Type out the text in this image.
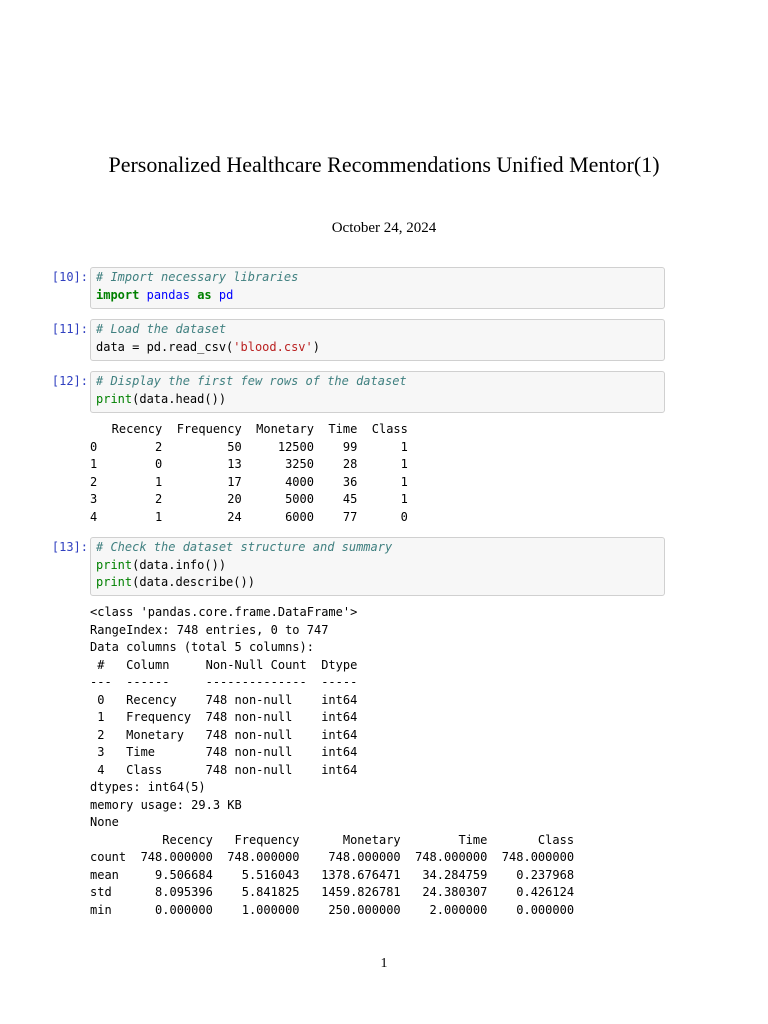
Personalized Healthcare Recommendations Unified Mentor(1)
October 24, 2024
[10]: # Import necessary libraries
import pandas as pd
[11]: # Load the dataset
data = pd.read_csv('blood.csv')
[12]: # Display the first few rows of the dataset
print(data.head())
Recency  Frequency  Monetary  Time  Class
0        2         50     12500    99      1
1        0         13      3250    28      1
2        1         17      4000    36      1
3        2         20      5000    45      1
4        1         24      6000    77      0
[13]: # Check the dataset structure and summary
print(data.info())
print(data.describe())
<class 'pandas.core.frame.DataFrame'>
RangeIndex: 748 entries, 0 to 747
Data columns (total 5 columns):
#   Column     Non-Null Count  Dtype
---  ------     --------------  -----
0   Recency    748 non-null    int64
1   Frequency  748 non-null    int64
2   Monetary   748 non-null    int64
3   Time       748 non-null    int64
4   Class      748 non-null    int64
dtypes: int64(5)
memory usage: 29.3 KB
None
Recency   Frequency      Monetary        Time       Class
count  748.000000  748.000000    748.000000  748.000000  748.000000
mean     9.506684    5.516043   1378.676471   34.284759    0.237968
std      8.095396    5.841825   1459.826781   24.380307    0.426124
min      0.000000    1.000000    250.000000    2.000000    0.000000
1
